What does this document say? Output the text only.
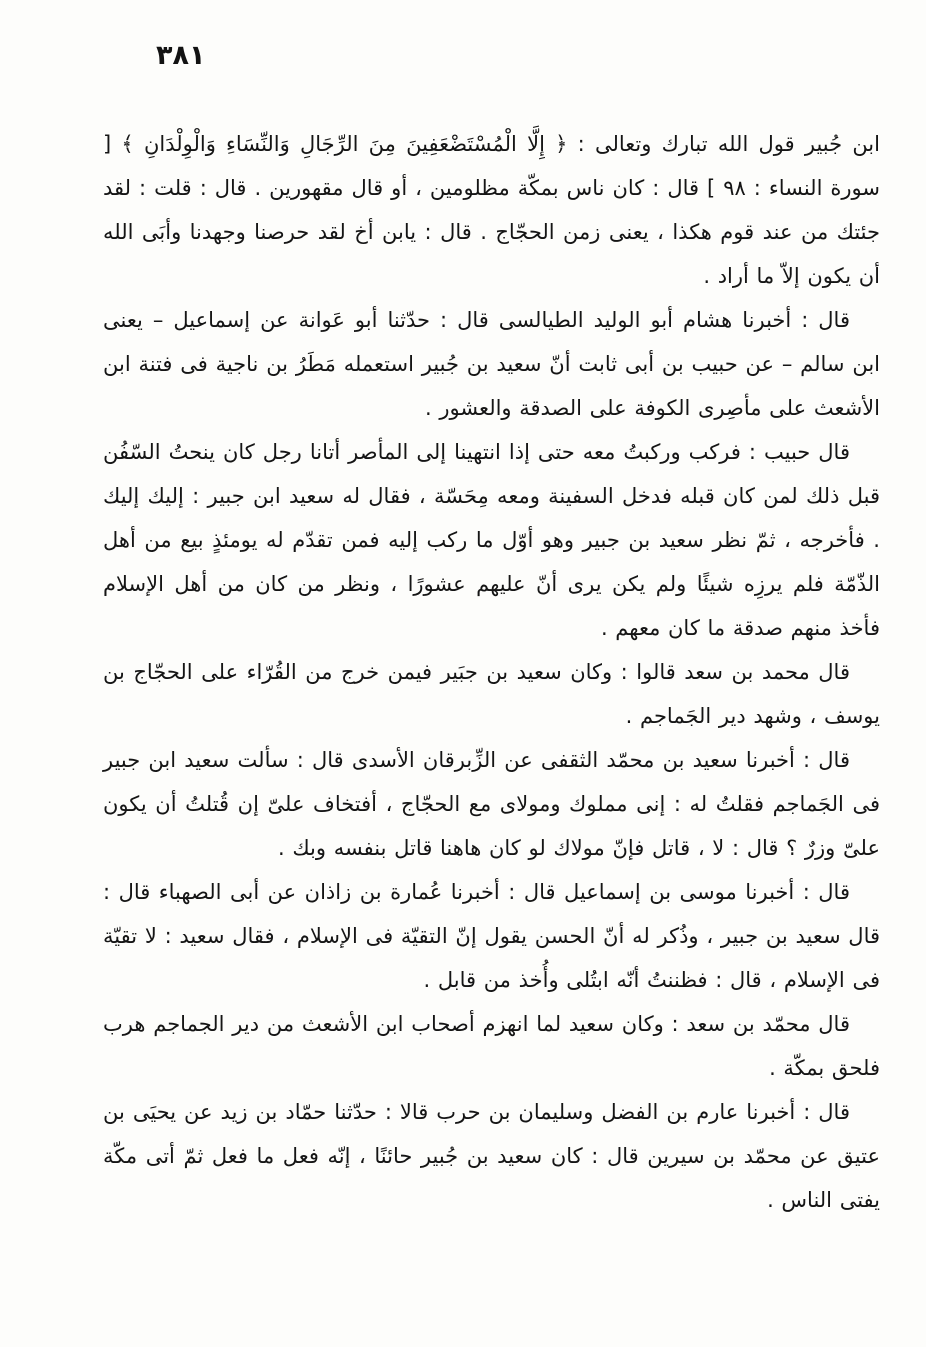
٣٨١

ابن جُبير قول الله تبارك وتعالى : ﴿ إِلَّا الْمُسْتَضْعَفِينَ مِنَ الرِّجَالِ وَالنِّسَاءِ وَالْوِلْدَانِ ﴾ [ سورة النساء : ٩٨ ] قال : كان ناس بمكّة مظلومين ، أو قال مقهورين . قال : قلت : لقد جئتك من عند قوم هكذا ، يعنى زمن الحجّاج . قال : يابن أخ لقد حرصنا وجهدنا وأبَى الله أن يكون إلاّ ما أراد .

قال : أخبرنا هشام أبو الوليد الطيالسى قال : حدّثنا أبو عَوانة عن إسماعيل – يعنى ابن سالم – عن حبيب بن أبى ثابت أنّ سعيد بن جُبير استعمله مَطَرُ بن ناجية فى فتنة ابن الأشعث على مأصِرى الكوفة على الصدقة والعشور .

قال حبيب : فركب وركبتُ معه حتى إذا انتهينا إلى المأصر أتانا رجل كان ينحتُ السّفُن قبل ذلك لمن كان قبله فدخل السفينة ومعه مِحَسّة ، فقال له سعيد ابن جبير : إليك إليك . فأخرجه ، ثمّ نظر سعيد بن جبير وهو أوّل ما ركب إليه فمن تقدّم له يومئذٍ بيع من أهل الذّمّة فلم يرزِه شيئًا ولم يكن يرى أنّ عليهم عشورًا ، ونظر من كان من أهل الإسلام فأخذ منهم صدقة ما كان معهم .

قال محمد بن سعد قالوا : وكان سعيد بن جبَير فيمن خرج من القُرّاء على الحجّاج بن يوسف ، وشهد دير الجَماجم .

قال : أخبرنا سعيد بن محمّد الثقفى عن الزِّبرقان الأسدى قال : سألت سعيد ابن جبير فى الجَماجم فقلتُ له : إنى مملوك ومولاى مع الحجّاج ، أفتخاف علىّ إن قُتلتُ أن يكون علىّ وزرٌ ؟ قال : لا ، قاتل فإنّ مولاك لو كان هاهنا قاتل بنفسه وبك .

قال : أخبرنا موسى بن إسماعيل قال : أخبرنا عُمارة بن زاذان عن أبى الصهباء قال : قال سعيد بن جبير ، وذُكر له أنّ الحسن يقول إنّ التقيّة فى الإسلام ، فقال سعيد : لا تقيّة فى الإسلام ، قال : فظننتُ أنّه ابتُلى وأُخذ من قابل .

قال محمّد بن سعد : وكان سعيد لما انهزم أصحاب ابن الأشعث من دير الجماجم هرب فلحق بمكّة .

قال : أخبرنا عارم بن الفضل وسليمان بن حرب قالا : حدّثنا حمّاد بن زيد عن يحيَى بن عتيق عن محمّد بن سيرين قال : كان سعيد بن جُبير حائنًا ، إنّه فعل ما فعل ثمّ أتى مكّة يفتى الناس .
